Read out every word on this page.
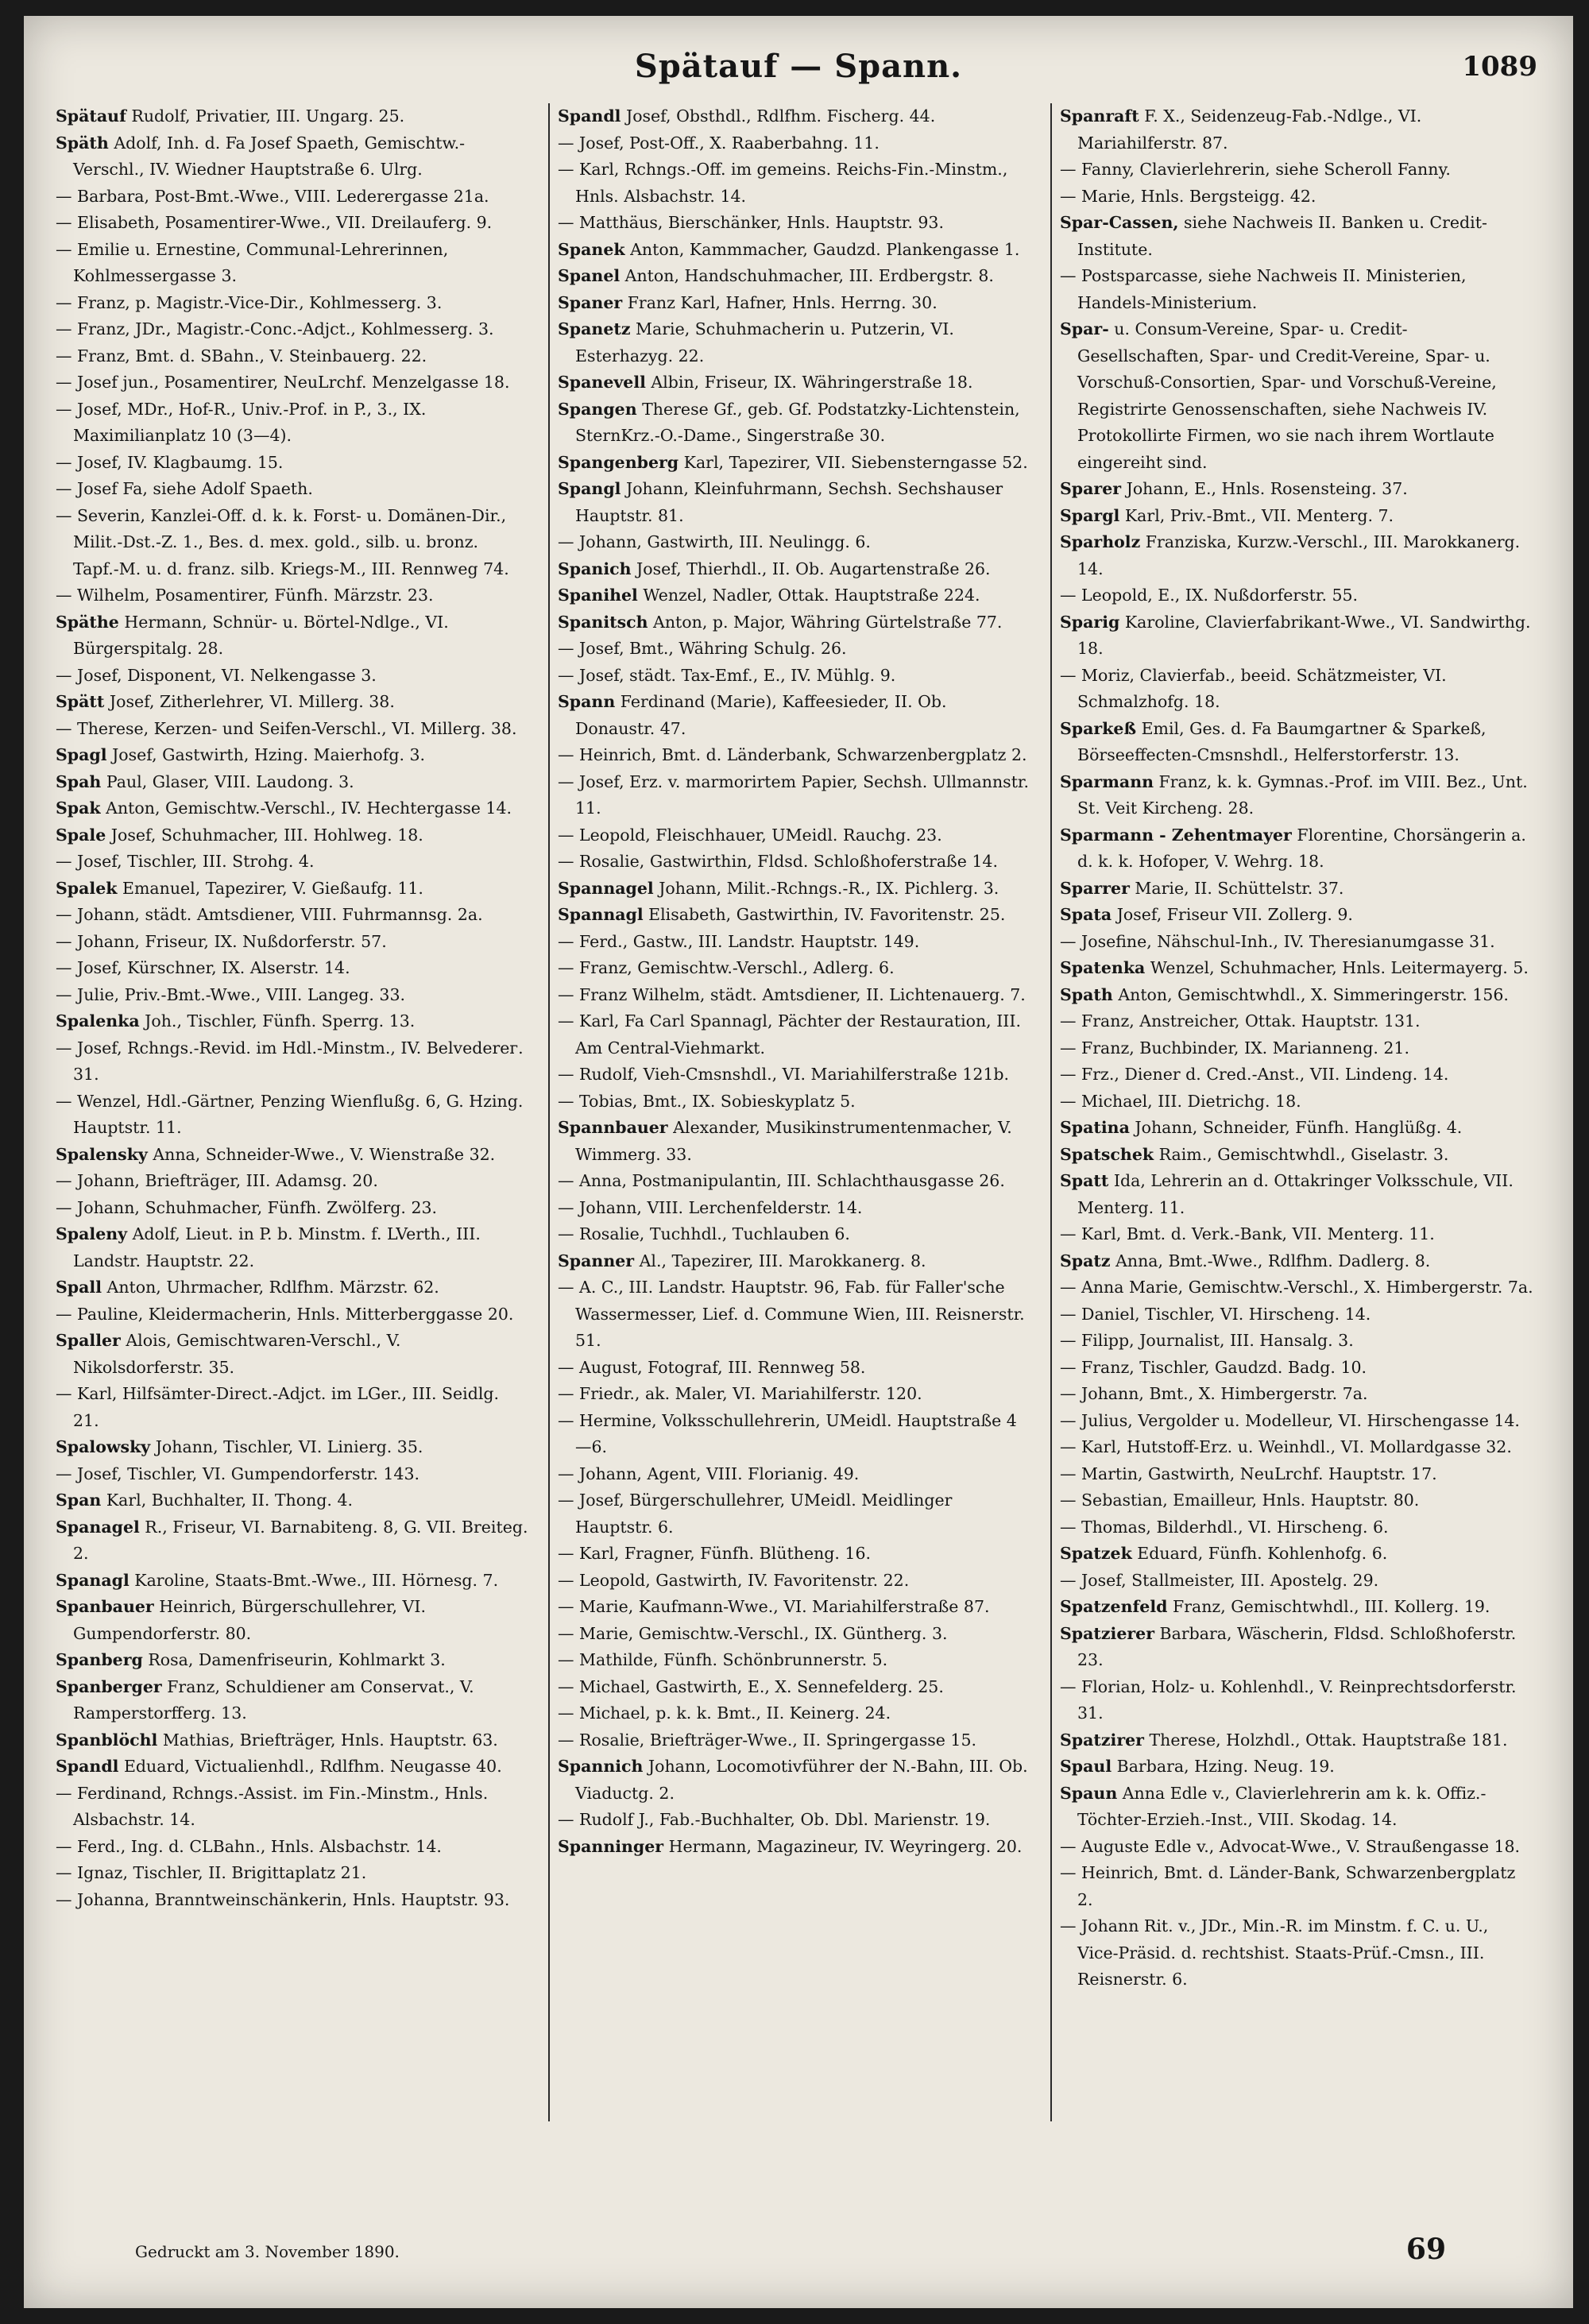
Spätauf — Spann.	1089

Spätauf Rudolf, Privatier, III. Ungarg. 25.

Späth Adolf, Inh. d. Fa Josef Spaeth, Gemischtw.-Verschl., IV. Wiedner Hauptstraße 6. Ulrg.

— Barbara, Post-Bmt.-Wwe., VIII. Lederergasse 21a.

— Elisabeth, Posamentirer-Wwe., VII. Dreilauferg. 9.

— Emilie u. Ernestine, Communal-Lehrerinnen, Kohlmessergasse 3.

— Franz, p. Magistr.-Vice-Dir., Kohlmesserg. 3.

— Franz, JDr., Magistr.-Conc.-Adjct., Kohlmesserg. 3.

— Franz, Bmt. d. SBahn., V. Steinbauerg. 22.

— Josef jun., Posamentirer, NeuLrchf. Menzelgasse 18.

— Josef, MDr., Hof-R., Univ.-Prof. in P., 3., IX. Maximilianplatz 10 (3—4).

— Josef, IV. Klagbaumg. 15.

— Josef Fa, siehe Adolf Spaeth.

— Severin, Kanzlei-Off. d. k. k. Forst- u. Domänen-Dir., Milit.-Dst.-Z. 1., Bes. d. mex. gold., silb. u. bronz. Tapf.-M. u. d. franz. silb. Kriegs-M., III. Rennweg 74.

— Wilhelm, Posamentirer, Fünfh. Märzstr. 23.

Späthe Hermann, Schnür- u. Börtel-Ndlge., VI. Bürgerspitalg. 28.

— Josef, Disponent, VI. Nelkengasse 3.

Spätt Josef, Zitherlehrer, VI. Millerg. 38.

— Therese, Kerzen- und Seifen-Verschl., VI. Millerg. 38.

Spagl Josef, Gastwirth, Hzing. Maierhofg. 3.

Spah Paul, Glaser, VIII. Laudong. 3.

Spak Anton, Gemischtw.-Verschl., IV. Hechtergasse 14.

Spale Josef, Schuhmacher, III. Hohlweg. 18.

— Josef, Tischler, III. Strohg. 4.

Spalek Emanuel, Tapezirer, V. Gießaufg. 11.

— Johann, städt. Amtsdiener, VIII. Fuhrmannsg. 2a.

— Johann, Friseur, IX. Nußdorferstr. 57.

— Josef, Kürschner, IX. Alserstr. 14.

— Julie, Priv.-Bmt.-Wwe., VIII. Langeg. 33.

Spalenka Joh., Tischler, Fünfh. Sperrg. 13.

— Josef, Rchngs.-Revid. im Hdl.-Minstm., IV. Belvederег. 31.

— Wenzel, Hdl.-Gärtner, Penzing Wienflußg. 6, G. Hzing. Hauptstr. 11.

Spalensky Anna, Schneider-Wwe., V. Wienstraße 32.

— Johann, Briefträger, III. Adamsg. 20.

— Johann, Schuhmacher, Fünfh. Zwölferg. 23.

Spaleny Adolf, Lieut. in P. b. Minstm. f. LVerth., III. Landstr. Hauptstr. 22.

Spall Anton, Uhrmacher, Rdlfhm. Märzstr. 62.

— Pauline, Kleidermacherin, Hnls. Mitterberggasse 20.

Spaller Alois, Gemischtwaren-Verschl., V. Nikolsdorferstr. 35.

— Karl, Hilfsämter-Direct.-Adjct. im LGer., III. Seidlg. 21.

Spalowsky Johann, Tischler, VI. Linierg. 35.

— Josef, Tischler, VI. Gumpendorferstr. 143.

Span Karl, Buchhalter, II. Thong. 4.

Spanagel R., Friseur, VI. Barnabiteng. 8, G. VII. Breiteg. 2.

Spanagl Karoline, Staats-Bmt.-Wwe., III. Hörnesg. 7.

Spanbauer Heinrich, Bürgerschullehrer, VI. Gumpendorferstr. 80.

Spanberg Rosa, Damenfriseurin, Kohlmarkt 3.

Spanberger Franz, Schuldiener am Conservat., V. Ramperstorfferg. 13.

Spanblöchl Mathias, Briefträger, Hnls. Hauptstr. 63.

Spandl Eduard, Victualienhdl., Rdlfhm. Neugasse 40.

— Ferdinand, Rchngs.-Assist. im Fin.-Minstm., Hnls. Alsbachstr. 14.

— Ferd., Ing. d. CLBahn., Hnls. Alsbachstr. 14.

— Ignaz, Tischler, II. Brigittaplatz 21.

— Johanna, Branntweinschänkerin, Hnls. Hauptstr. 93.

Spandl Josef, Obsthdl., Rdlfhm. Fischerg. 44.

— Josef, Post-Off., X. Raaberbahng. 11.

— Karl, Rchngs.-Off. im gemeins. Reichs-Fin.-Minstm., Hnls. Alsbachstr. 14.

— Matthäus, Bierschänker, Hnls. Hauptstr. 93.

Spanek Anton, Kammmacher, Gaudzd. Plankengasse 1.

Spanel Anton, Handschuhmacher, III. Erdbergstr. 8.

Spaner Franz Karl, Hafner, Hnls. Herrng. 30.

Spanetz Marie, Schuhmacherin u. Putzerin, VI. Esterhazyg. 22.

Spanevell Albin, Friseur, IX. Währingerstraße 18.

Spangen Therese Gf., geb. Gf. Podstatzky-Lichtenstein, SternKrz.-O.-Dame., Singerstraße 30.

Spangenberg Karl, Tapezirer, VII. Siebensterngasse 52.

Spangl Johann, Kleinfuhrmann, Sechsh. Sechshauser Hauptstr. 81.

— Johann, Gastwirth, III. Neulingg. 6.

Spanich Josef, Thierhdl., II. Ob. Augartenstraße 26.

Spanihel Wenzel, Nadler, Ottak. Hauptstraße 224.

Spanitsch Anton, p. Major, Währing Gürtelstraße 77.

— Josef, Bmt., Währing Schulg. 26.

— Josef, städt. Tax-Emf., E., IV. Mühlg. 9.

Spann Ferdinand (Marie), Kaffeesieder, II. Ob. Donaustr. 47.

— Heinrich, Bmt. d. Länderbank, Schwarzenbergplatz 2.

— Josef, Erz. v. marmorirtem Papier, Sechsh. Ullmannstr. 11.

— Leopold, Fleischhauer, UMeidl. Rauchg. 23.

— Rosalie, Gastwirthin, Fldsd. Schloßhoferstraße 14.

Spannagel Johann, Milit.-Rchngs.-R., IX. Pichlerg. 3.

Spannagl Elisabeth, Gastwirthin, IV. Favoritenstr. 25.

— Ferd., Gastw., III. Landstr. Hauptstr. 149.

— Franz, Gemischtw.-Verschl., Adlerg. 6.

— Franz Wilhelm, städt. Amtsdiener, II. Lichtenauerg. 7.

— Karl, Fa Carl Spannagl, Pächter der Restauration, III. Am Central-Viehmarkt.

— Rudolf, Vieh-Cmsnshdl., VI. Mariahilferstraße 121b.

— Tobias, Bmt., IX. Sobieskyplatz 5.

Spannbauer Alexander, Musikinstrumentenmacher, V. Wimmerg. 33.

— Anna, Postmanipulantin, III. Schlachthausgasse 26.

— Johann, VIII. Lerchenfelderstr. 14.

— Rosalie, Tuchhdl., Tuchlauben 6.

Spanner Al., Tapezirer, III. Marokkanerg. 8.

— A. C., III. Landstr. Hauptstr. 96, Fab. für Faller'sche Wassermesser, Lief. d. Commune Wien, III. Reisnerstr. 51.

— August, Fotograf, III. Rennweg 58.

— Friedr., ak. Maler, VI. Mariahilferstr. 120.

— Hermine, Volksschullehrerin, UMeidl. Hauptstraße 4—6.

— Johann, Agent, VIII. Florianig. 49.

— Josef, Bürgerschullehrer, UMeidl. Meidlinger Hauptstr. 6.

— Karl, Fragner, Fünfh. Blütheng. 16.

— Leopold, Gastwirth, IV. Favoritenstr. 22.

— Marie, Kaufmann-Wwe., VI. Mariahilferstraße 87.

— Marie, Gemischtw.-Verschl., IX. Güntherg. 3.

— Mathilde, Fünfh. Schönbrunnerstr. 5.

— Michael, Gastwirth, E., X. Sennefelderg. 25.

— Michael, p. k. k. Bmt., II. Keinerg. 24.

— Rosalie, Briefträger-Wwe., II. Springergasse 15.

Spannich Johann, Locomotivführer der N.-Bahn, III. Ob. Viaductg. 2.

— Rudolf J., Fab.-Buchhalter, Ob. Dbl. Marienstr. 19.

Spanninger Hermann, Magazineur, IV. Weyringerg. 20.

Spanraft F. X., Seidenzeug-Fab.-Ndlge., VI. Mariahilferstr. 87.

— Fanny, Clavierlehrerin, siehe Scheroll Fanny.

— Marie, Hnls. Bergsteigg. 42.

Spar-Cassen, siehe Nachweis II. Banken u. Credit-Institute.

— Postsparcasse, siehe Nachweis II. Ministerien, Handels-Ministerium.

Spar- u. Consum-Vereine, Spar- u. Credit-Gesellschaften, Spar- und Credit-Vereine, Spar- u. Vorschuß-Consortien, Spar- und Vorschuß-Vereine, Registrirte Genossenschaften, siehe Nachweis IV. Protokollirte Firmen, wo sie nach ihrem Wortlaute eingereiht sind.

Sparer Johann, E., Hnls. Rosensteing. 37.

Spargl Karl, Priv.-Bmt., VII. Menterg. 7.

Sparholz Franziska, Kurzw.-Verschl., III. Marokkanerg. 14.

— Leopold, E., IX. Nußdorferstr. 55.

Sparig Karoline, Clavierfabrikant-Wwe., VI. Sandwirthg. 18.

— Moriz, Clavierfab., beeid. Schätzmeister, VI. Schmalzhofg. 18.

Sparkeß Emil, Ges. d. Fa Baumgartner & Sparkeß, Börseeffecten-Cmsnshdl., Helferstorferstr. 13.

Sparmann Franz, k. k. Gymnas.-Prof. im VIII. Bez., Unt. St. Veit Kircheng. 28.

Sparmann - Zehentmayer Florentine, Chorsängerin a. d. k. k. Hofoper, V. Wehrg. 18.

Sparrer Marie, II. Schüttelstr. 37.

Spata Josef, Friseur VII. Zollerg. 9.

— Josefine, Nähschul-Inh., IV. Theresianumgasse 31.

Spatenka Wenzel, Schuhmacher, Hnls. Leitermayerg. 5.

Spath Anton, Gemischtwhdl., X. Simmeringerstr. 156.

— Franz, Anstreicher, Ottak. Hauptstr. 131.

— Franz, Buchbinder, IX. Marianneng. 21.

— Frz., Diener d. Cred.-Anst., VII. Lindeng. 14.

— Michael, III. Dietrichg. 18.

Spatina Johann, Schneider, Fünfh. Hanglüßg. 4.

Spatschek Raim., Gemischtwhdl., Giselastr. 3.

Spatt Ida, Lehrerin an d. Ottakringer Volksschule, VII. Menterg. 11.

— Karl, Bmt. d. Verk.-Bank, VII. Menterg. 11.

Spatz Anna, Bmt.-Wwe., Rdlfhm. Dadlerg. 8.

— Anna Marie, Gemischtw.-Verschl., X. Himbergerstr. 7a.

— Daniel, Tischler, VI. Hirscheng. 14.

— Filipp, Journalist, III. Hansalg. 3.

— Franz, Tischler, Gaudzd. Badg. 10.

— Johann, Bmt., X. Himbergerstr. 7a.

— Julius, Vergolder u. Modelleur, VI. Hirschengasse 14.

— Karl, Hutstoff-Erz. u. Weinhdl., VI. Mollardgasse 32.

— Martin, Gastwirth, NeuLrchf. Hauptstr. 17.

— Sebastian, Emailleur, Hnls. Hauptstr. 80.

— Thomas, Bilderhdl., VI. Hirscheng. 6.

Spatzek Eduard, Fünfh. Kohlenhofg. 6.

— Josef, Stallmeister, III. Apostelg. 29.

Spatzenfeld Franz, Gemischtwhdl., III. Kollerg. 19.

Spatzierer Barbara, Wäscherin, Fldsd. Schloßhoferstr. 23.

— Florian, Holz- u. Kohlenhdl., V. Reinprechtsdorferstr. 31.

Spatzirer Therese, Holzhdl., Ottak. Hauptstraße 181.

Spaul Barbara, Hzing. Neug. 19.

Spaun Anna Edle v., Clavierlehrerin am k. k. Offiz.-Töchter-Erzieh.-Inst., VIII. Skodag. 14.

— Auguste Edle v., Advocat-Wwe., V. Straußengasse 18.

— Heinrich, Bmt. d. Länder-Bank, Schwarzenbergplatz 2.

— Johann Rit. v., JDr., Min.-R. im Minstm. f. C. u. U., Vice-Präsid. d. rechtshist. Staats-Prüf.-Cmsn., III. Reisnerstr. 6.

Gedruckt am 3. November 1890.	69
